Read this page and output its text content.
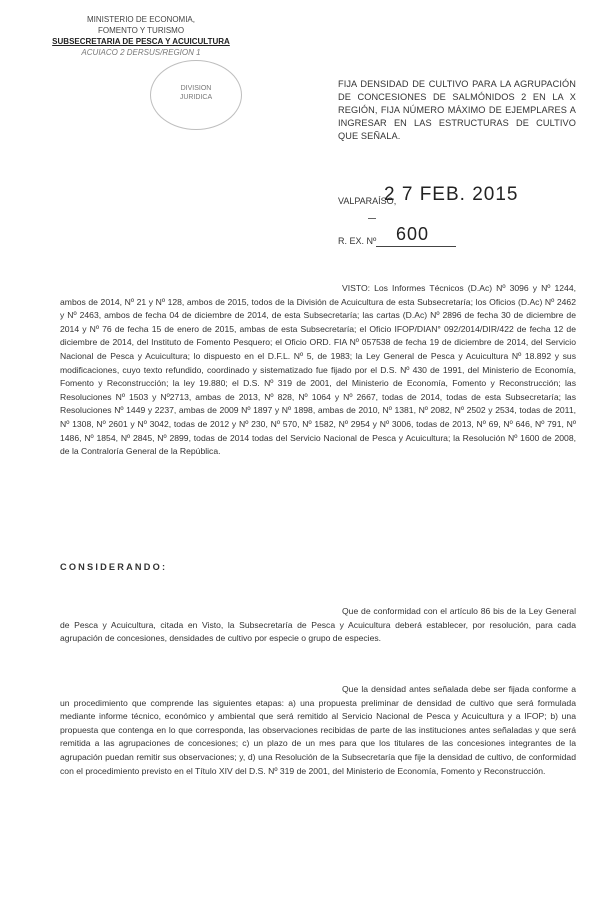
MINISTERIO DE ECONOMIA,
FOMENTO Y TURISMO
SUBSECRETARIA DE PESCA Y ACUICULTURA
ACUIACO 2 DERSUS/REGION 1
DIVISION JURIDICA
FIJA DENSIDAD DE CULTIVO PARA LA AGRUPACIÓN DE CONCESIONES DE SALMÓNIDOS 2 EN LA X REGIÓN, FIJA NÚMERO MÁXIMO DE EJEMPLARES A INGRESAR EN LAS ESTRUCTURAS DE CULTIVO QUE SEÑALA.
VALPARAÍSO,
2 7 FEB. 2015
R. EX. Nº 600
VISTO: Los Informes Técnicos (D.Ac) Nº 3096 y Nº 1244, ambos de 2014, Nº 21 y Nº 128, ambos de 2015, todos de la División de Acuicultura de esta Subsecretaría; los Oficios (D.Ac) Nº 2462 y Nº 2463, ambos de fecha 04 de diciembre de 2014, de esta Subsecretaría; las cartas (D.Ac) Nº 2896 de fecha 30 de diciembre de 2014 y Nº 76 de fecha 15 de enero de 2015, ambas de esta Subsecretaría; el Oficio IFOP/DIAN° 092/2014/DIR/422 de fecha 12 de diciembre de 2014, del Instituto de Fomento Pesquero; el Oficio ORD. FIA Nº 057538 de fecha 19 de diciembre de 2014, del Servicio Nacional de Pesca y Acuicultura; lo dispuesto en el D.F.L. Nº 5, de 1983; la Ley General de Pesca y Acuicultura Nº 18.892 y sus modificaciones, cuyo texto refundido, coordinado y sistematizado fue fijado por el D.S. Nº 430 de 1991, del Ministerio de Economía, Fomento y Reconstrucción; la ley 19.880; el D.S. Nº 319 de 2001, del Ministerio de Economía, Fomento y Reconstrucción; las Resoluciones Nº 1503 y Nº2713, ambas de 2013, Nº 828, Nº 1064 y Nº 2667, todas de 2014, todas de esta Subsecretaría; las Resoluciones Nº 1449 y 2237, ambas de 2009 Nº 1897 y Nº 1898, ambas de 2010, Nº 1381, Nº 2082, Nº 2502 y 2534, todas de 2011, Nº 1308, Nº 2601 y Nº 3042, todas de 2012 y Nº 230, Nº 570, Nº 1582, Nº 2954 y Nº 3006, todas de 2013, Nº 69, Nº 646, Nº 791, Nº 1486, Nº 1854, Nº 2845, Nº 2899, todas de 2014 todas del Servicio Nacional de Pesca y Acuicultura; la Resolución Nº 1600 de 2008, de la Contraloría General de la República.
CONSIDERANDO:
Que de conformidad con el artículo 86 bis de la Ley General de Pesca y Acuicultura, citada en Visto, la Subsecretaría de Pesca y Acuicultura deberá establecer, por resolución, para cada agrupación de concesiones, densidades de cultivo por especie o grupo de especies.
Que la densidad antes señalada debe ser fijada conforme a un procedimiento que comprende las siguientes etapas: a) una propuesta preliminar de densidad de cultivo que será formulada mediante informe técnico, económico y ambiental que será remitido al Servicio Nacional de Pesca y Acuicultura y a IFOP; b) una propuesta que contenga en lo que corresponda, las observaciones recibidas de parte de las instituciones antes señaladas y que será remitida a las agrupaciones de concesiones; c) un plazo de un mes para que los titulares de las concesiones integrantes de la agrupación puedan remitir sus observaciones; y, d) una Resolución de la Subsecretaría que fije la densidad de cultivo, de conformidad con el procedimiento previsto en el Título XIV del D.S. Nº 319 de 2001, del Ministerio de Economía, Fomento y Reconstrucción.
